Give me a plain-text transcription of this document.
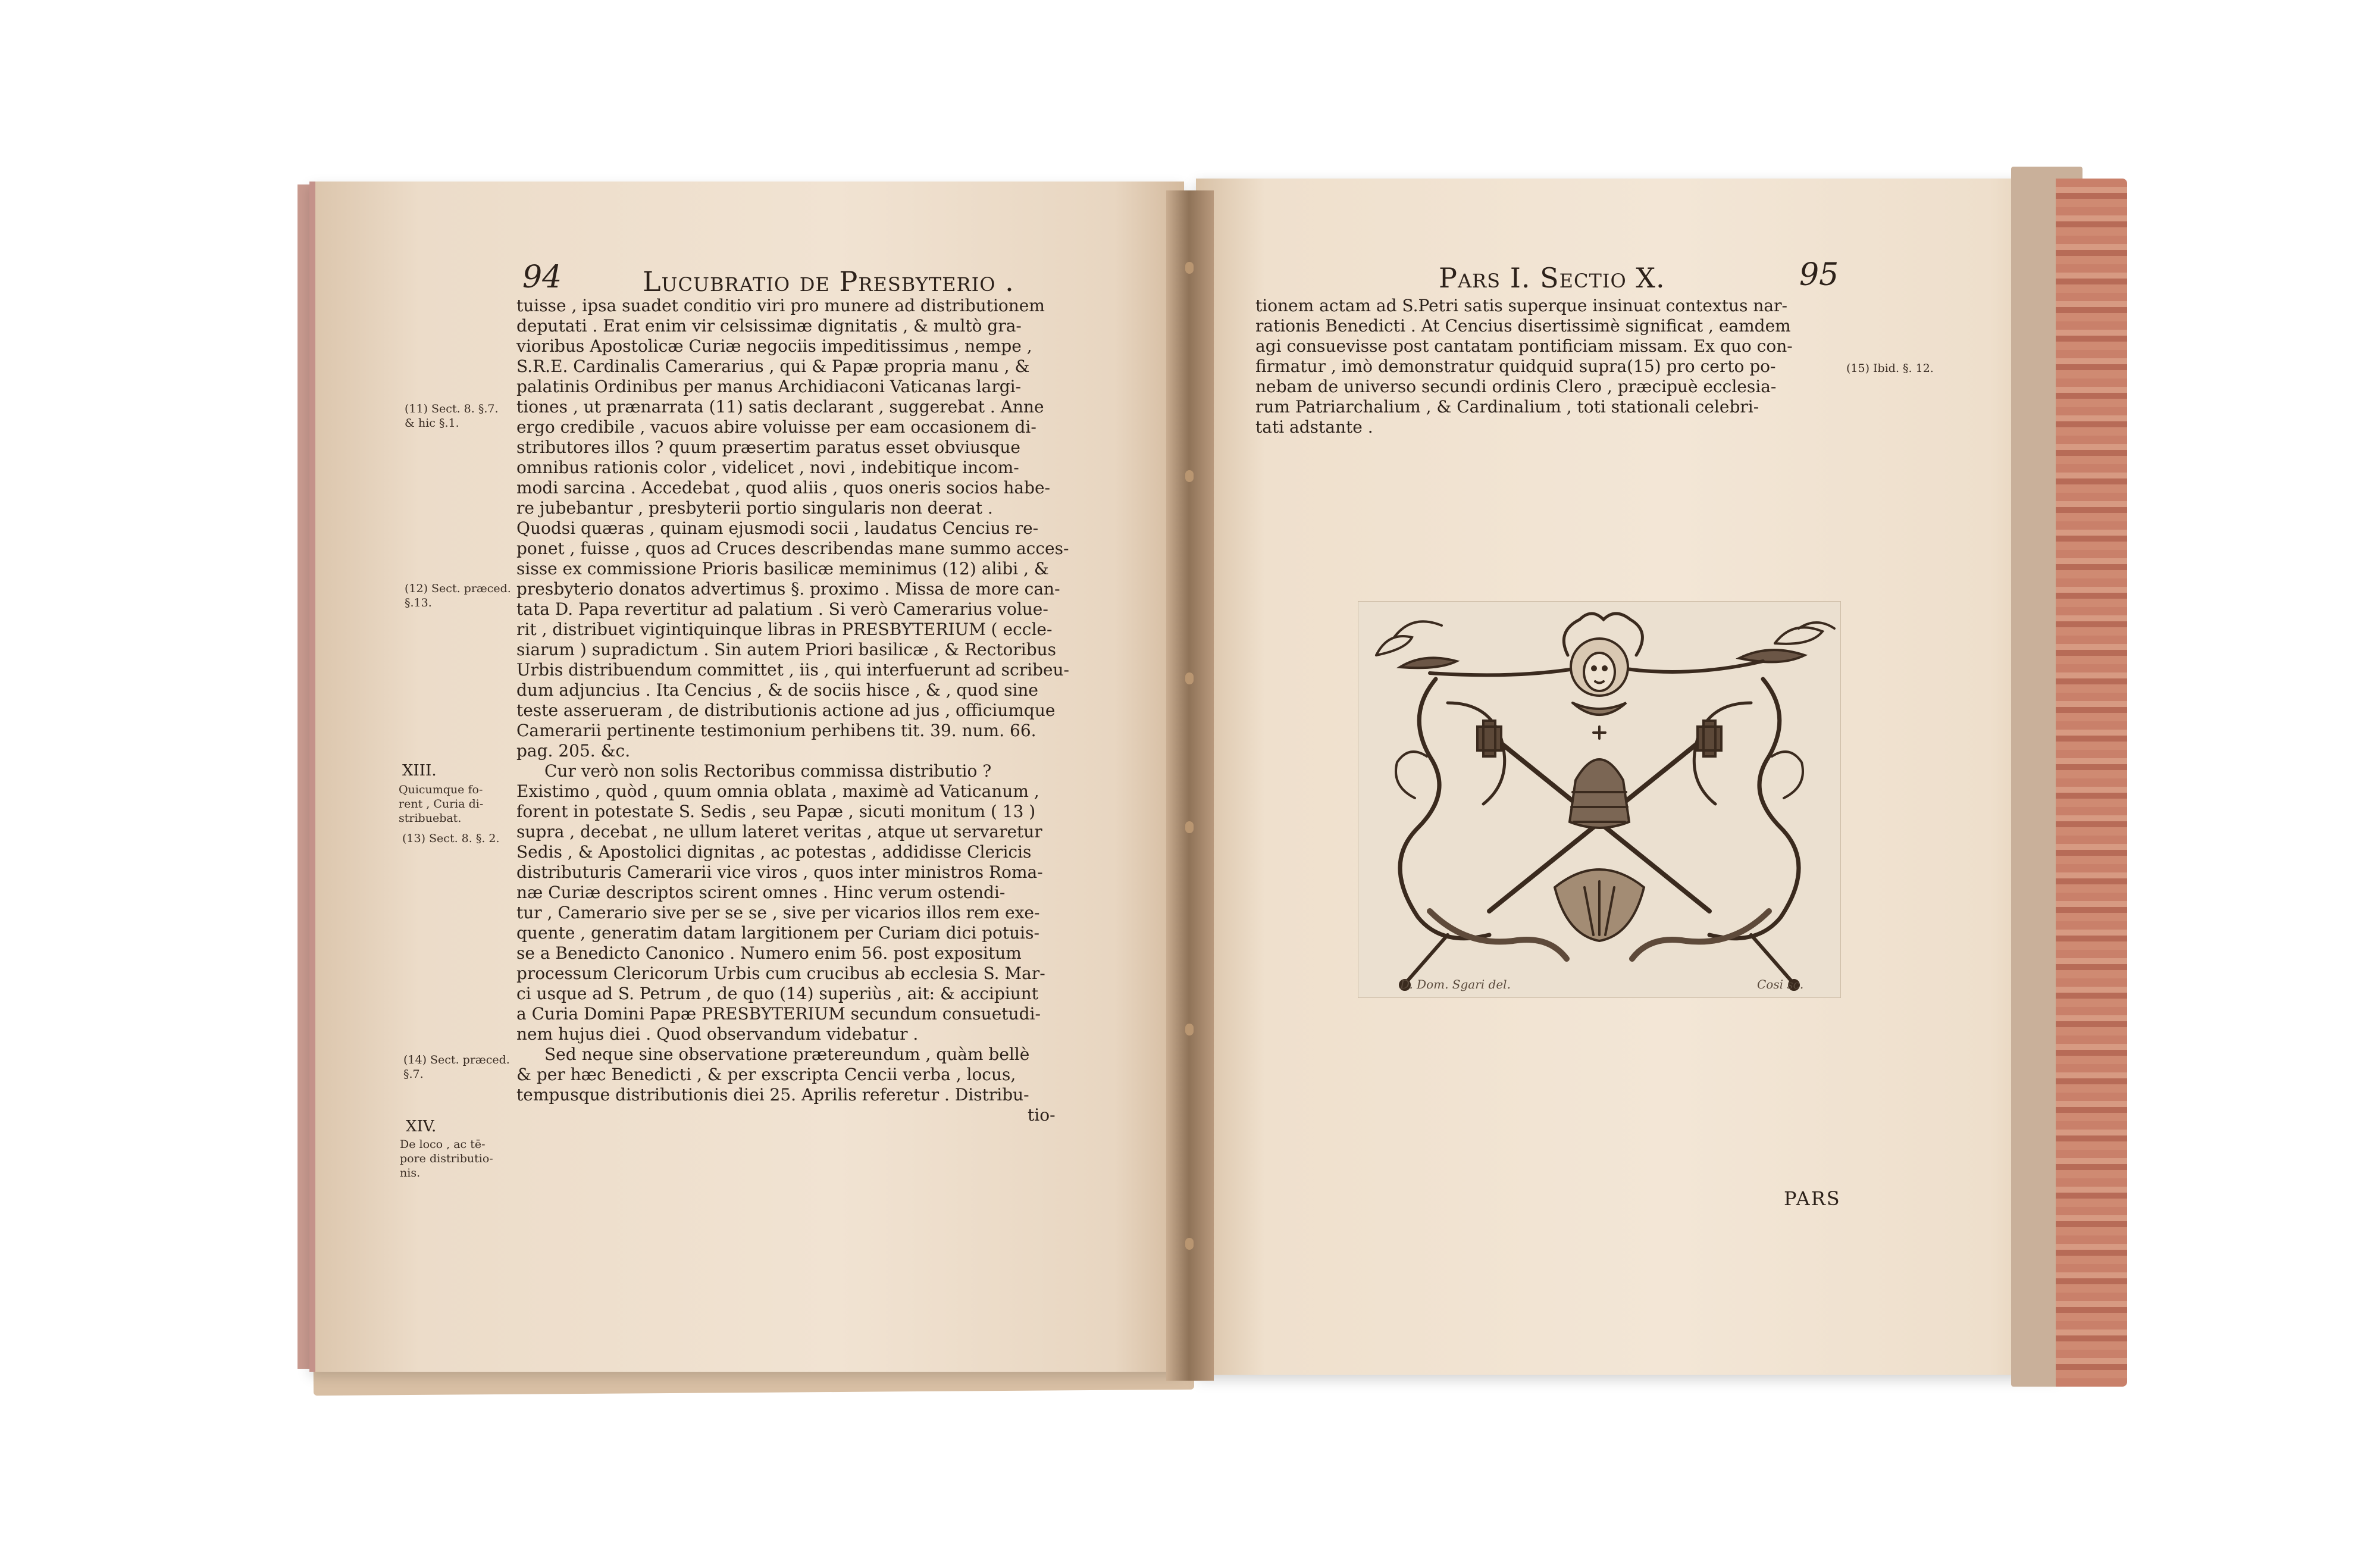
94	Lucubratio de Presbyterio .
tuisse , ipsa suadet conditio viri pro munere ad distributionem
deputati . Erat enim vir celsissimæ dignitatis , & multò gra-
vioribus Apostolicæ Curiæ negociis impeditissimus , nempe ,
S.R.E. Cardinalis Camerarius , qui & Papæ propria manu , &
palatinis Ordinibus per manus Archidiaconi Vaticanas largi-
tiones , ut prænarrata (11) satis declarant , suggerebat . Anne
ergo credibile , vacuos abire voluisse per eam occasionem di-
stributores illos ? quum præsertim paratus esset obviusque
omnibus rationis color , videlicet , novi , indebitique incom-
modi sarcina . Accedebat , quod aliis , quos oneris socios habe-
re jubebantur , presbyterii portio singularis non deerat .
Quodsi quæras , quinam ejusmodi socii , laudatus Cencius re-
ponet , fuisse , quos ad Cruces describendas mane summo acces-
sisse ex commissione Prioris basilicæ meminimus (12) alibi , &
presbyterio donatos advertimus §. proximo . Missa de more can-
tata D. Papa revertitur ad palatium . Si verò Camerarius volue-
rit , distribuet vigintiquinque libras in PRESBYTERIUM ( eccle-
siarum ) supradictum . Sin autem Priori basilicæ , & Rectoribus
Urbis distribuendum committet , iis , qui interfuerunt ad scribeu-
dum adjuncius . Ita Cencius , & de sociis hisce , & , quod sine
teste asserueram , de distributionis actione ad jus , officiumque
Camerarii pertinente testimonium perhibens tit. 39. num. 66.
pag. 205. &c.
Cur verò non solis Rectoribus commissa distributio ?
Existimo , quòd , quum omnia oblata , maximè ad Vaticanum ,
forent in potestate S. Sedis , seu Papæ , sicuti monitum ( 13 )
supra , decebat , ne ullum lateret veritas , atque ut servaretur
Sedis , & Apostolici dignitas , ac potestas , addidisse Clericis
distributuris Camerarii vice viros , quos inter ministros Roma-
næ Curiæ descriptos scirent omnes . Hinc verum ostendi-
tur , Camerario sive per se se , sive per vicarios illos rem exe-
quente , generatim datam largitionem per Curiam dici potuis-
se a Benedicto Canonico . Numero enim 56. post expositum
processum Clericorum Urbis cum crucibus ab ecclesia S. Mar-
ci usque ad S. Petrum , de quo (14) superiùs , ait: & accipiunt
a Curia Domini Papæ PRESBYTERIUM secundum consuetudi-
nem hujus diei . Quod observandum videbatur .
Sed neque sine observatione prætereundum , quàm bellè
& per hæc Benedicti , & per exscripta Cencii verba , locus,
tempusque distributionis diei 25. Aprilis referetur . Distribu-
tio-
(11) Sect. 8. §.7.
& hic §.1.
(12) Sect. præced.
§.13.
XIII.
Quicumque fo-
rent , Curia di-
stribuebat.
(13) Sect. 8. §. 2.
(14) Sect. præced.
§.7.
XIV.
De loco , ac tē-
pore distributio-
nis.
Pars I. Sectio X.	95
tionem actam ad S.Petri satis superque insinuat contextus nar-
rationis Benedicti . At Cencius disertissimè significat , eamdem
agi consuevisse post cantatam pontificiam missam. Ex quo con-
firmatur , imò demonstratur quidquid supra(15) pro certo po-
nebam de universo secundi ordinis Clero , præcipuè ecclesia-
rum Patriarchalium , & Cardinalium , toti stationali celebri-
tati adstante .
(15) Ibid. §. 12.
D. Dom. Sgari del.	Cosi sc.
PARS
